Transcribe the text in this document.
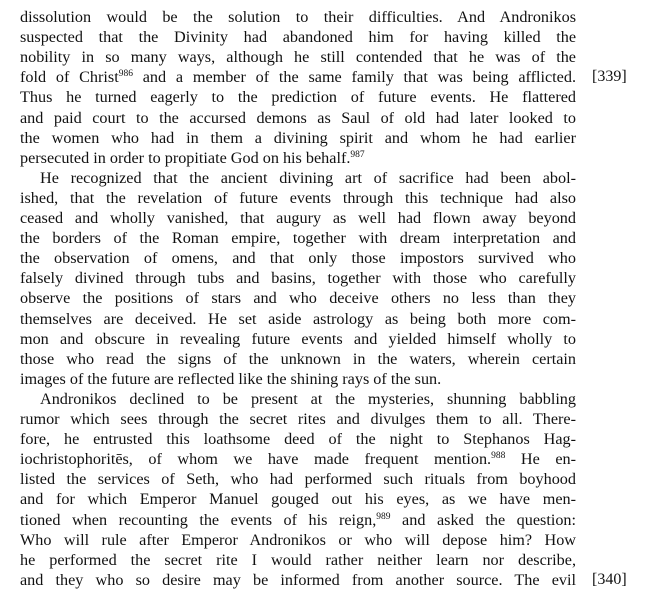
dissolution would be the solution to their difficulties. And Andronikos
suspected that the Divinity had abandoned him for having killed the
nobility in so many ways, although he still contended that he was of the
fold of Christ$^{986}$ and a member of the same family that was being afflicted.
Thus he turned eagerly to the prediction of future events. He flattered
and paid court to the accursed demons as Saul of old had later looked to
the women who had in them a divining spirit and whom he had earlier
persecuted in order to propitiate God on his behalf.$^{987}$
He recognized that the ancient divining art of sacrifice had been abol-
ished, that the revelation of future events through this technique had also
ceased and wholly vanished, that augury as well had flown away beyond
the borders of the Roman empire, together with dream interpretation and
the observation of omens, and that only those impostors survived who
falsely divined through tubs and basins, together with those who carefully
observe the positions of stars and who deceive others no less than they
themselves are deceived. He set aside astrology as being both more com-
mon and obscure in revealing future events and yielded himself wholly to
those who read the signs of the unknown in the waters, wherein certain
images of the future are reflected like the shining rays of the sun.
Andronikos declined to be present at the mysteries, shunning babbling
rumor which sees through the secret rites and divulges them to all. There-
fore, he entrusted this loathsome deed of the night to Stephanos Hag-
iochristophoritēs, of whom we have made frequent mention.$^{988}$ He en-
listed the services of Seth, who had performed such rituals from boyhood
and for which Emperor Manuel gouged out his eyes, as we have men-
tioned when recounting the events of his reign,$^{989}$ and asked the question:
Who will rule after Emperor Andronikos or who will depose him? How
he performed the secret rite I would rather neither learn nor describe,
and they who so desire may be informed from another source. The evil
[339]
[340]
